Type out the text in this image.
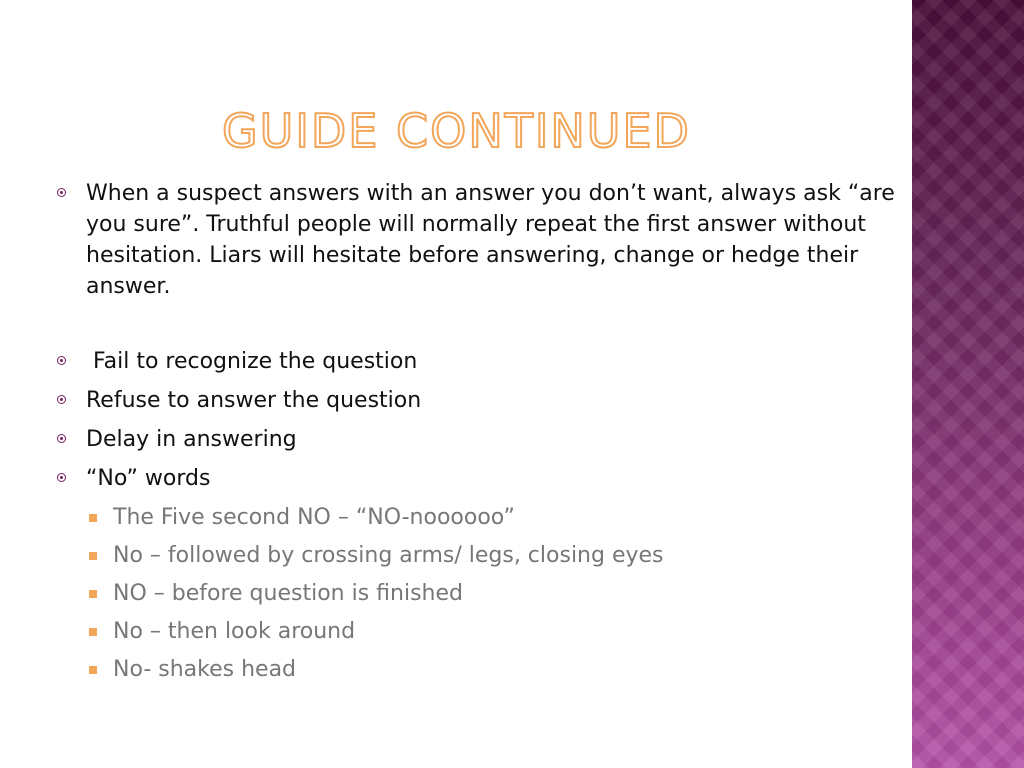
GUIDE CONTINUED
When a suspect answers with an answer you don’t want, always ask “are you sure”. Truthful people will normally repeat the first answer without hesitation. Liars will hesitate before answering, change or hedge their answer.
Fail to recognize the question
Refuse to answer the question
Delay in answering
“No” words
The Five second NO – “NO-noooooo”
No – followed by crossing arms/ legs, closing eyes
NO – before question is finished
No – then look around
No- shakes head
